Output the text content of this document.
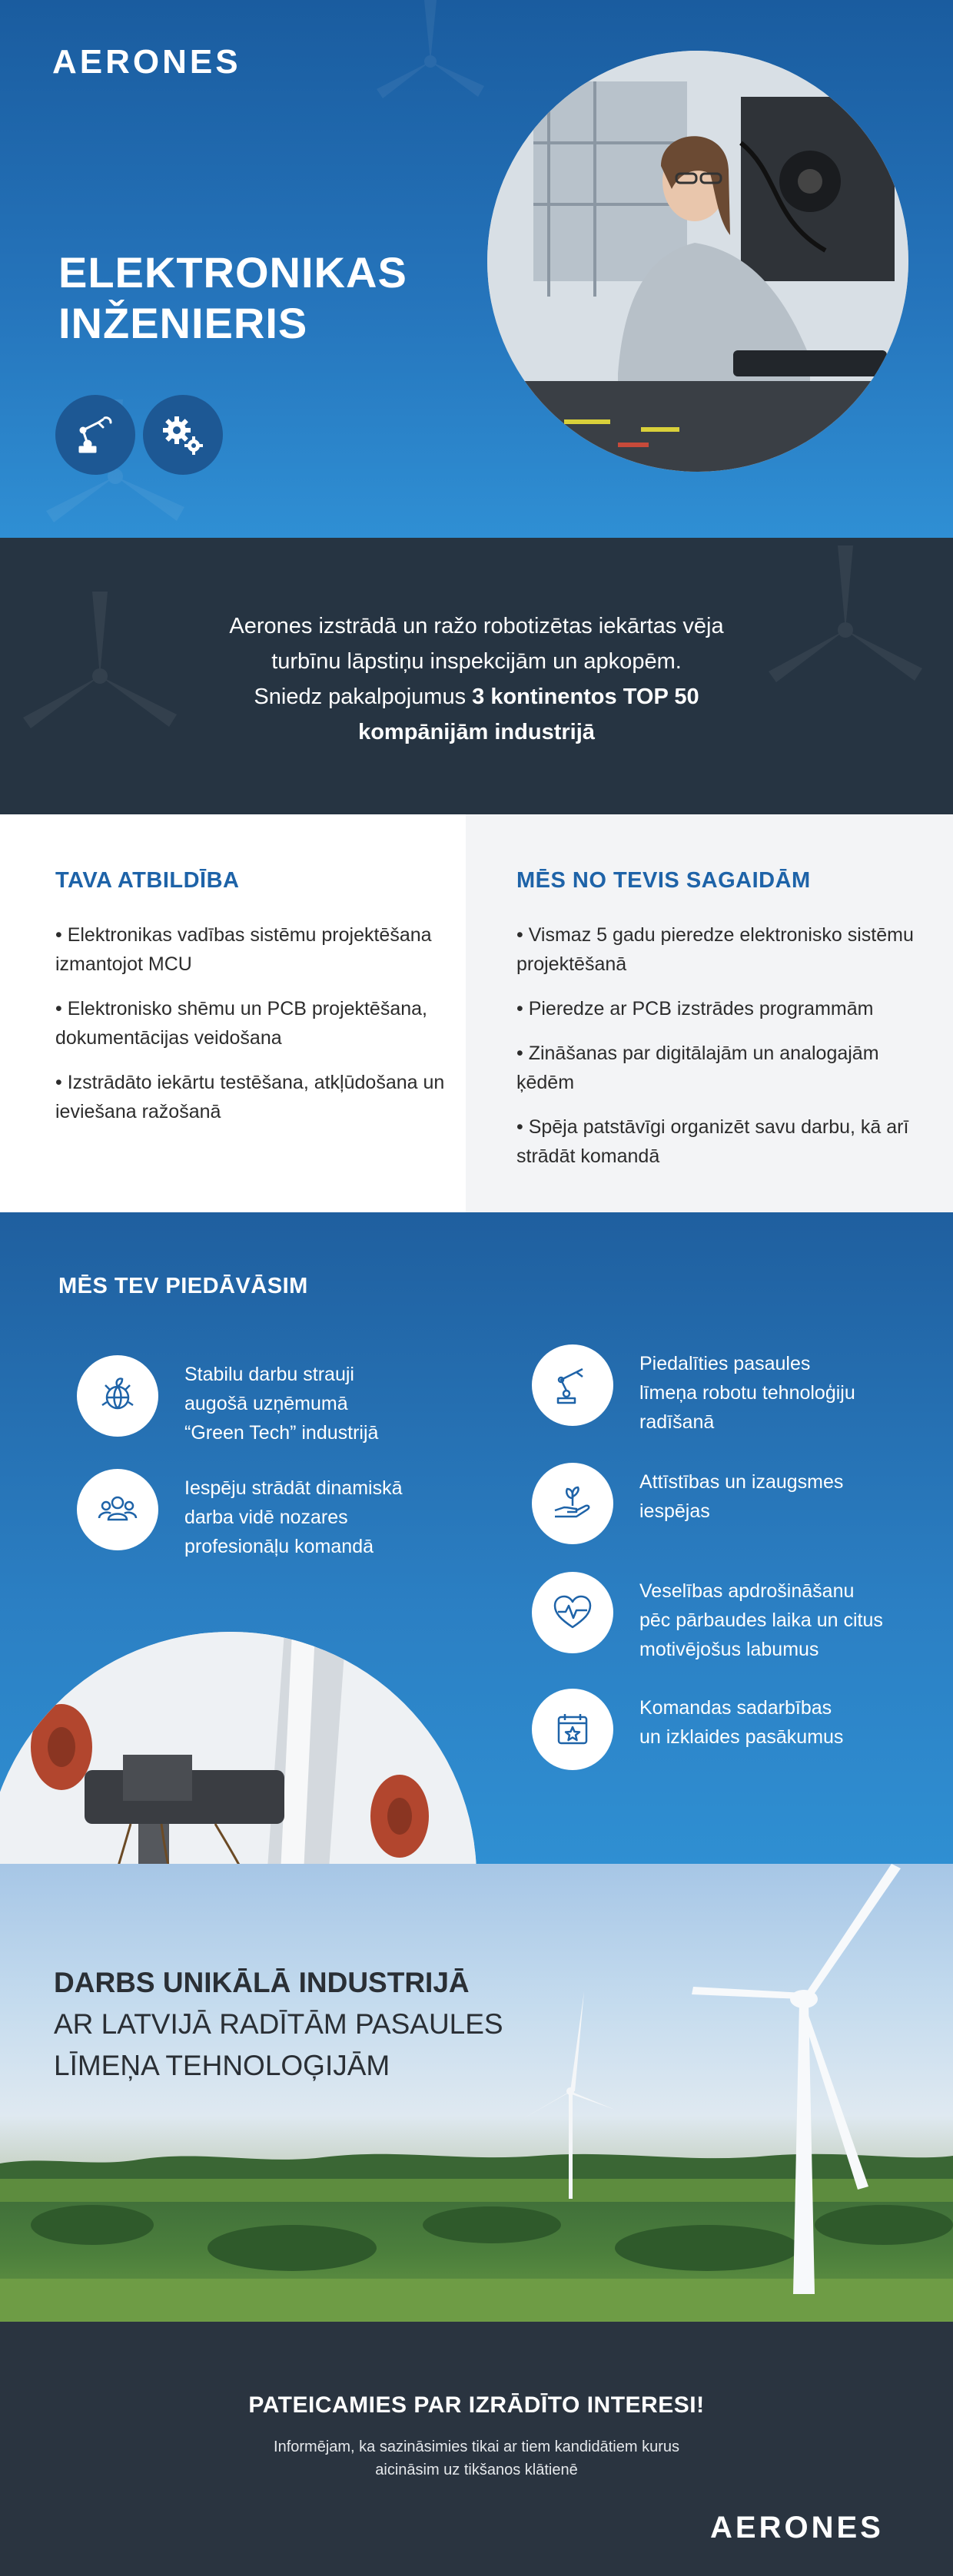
AERONES
ELEKTRONIKAS
INŽENIERIS

Aerones izstrādā un ražo robotizētas iekārtas vēja
turbīnu lāpstiņu inspekcijām un apkopēm.
Sniedz pakalpojumus 3 kontinentos TOP 50
kompānijām industrijā

TAVA ATBILDĪBA
• Elektronikas vadības sistēmu projektēšana izmantojot MCU
• Elektronisko shēmu un PCB projektēšana, dokumentācijas veidošana
• Izstrādāto iekārtu testēšana, atkļūdošana un ieviešana ražošanā
MĒS NO TEVIS SAGAIDĀM
• Vismaz 5 gadu pieredze elektronisko sistēmu projektēšanā
• Pieredze ar PCB izstrādes programmām
• Zināšanas par digitālajām un analogajām ķēdēm
• Spēja patstāvīgi organizēt savu darbu, kā arī strādāt komandā
MĒS TEV PIEDĀVĀSIM
Stabilu darbu strauji
augošā uzņēmumā
“Green Tech” industrijā
Iespēju strādāt dinamiskā
darba vidē nozares
profesionāļu komandā
Piedalīties pasaules
līmeņa robotu tehnoloģiju
radīšanā
Attīstības un izaugsmes
iespējas
Veselības apdrošināšanu
pēc pārbaudes laika un citus
motivējošus labumus
Komandas sadarbības
un izklaides pasākumus
DARBS UNIKĀLĀ INDUSTRIJĀ
AR LATVIJĀ RADĪTĀM PASAULES
LĪMEŅA TEHNOLOĢIJĀM
PATEICAMIES PAR IZRĀDĪTO INTERESI!
Informējam, ka sazināsimies tikai ar tiem kandidātiem kurus
aicināsim uz tikšanos klātienē
AERONES
